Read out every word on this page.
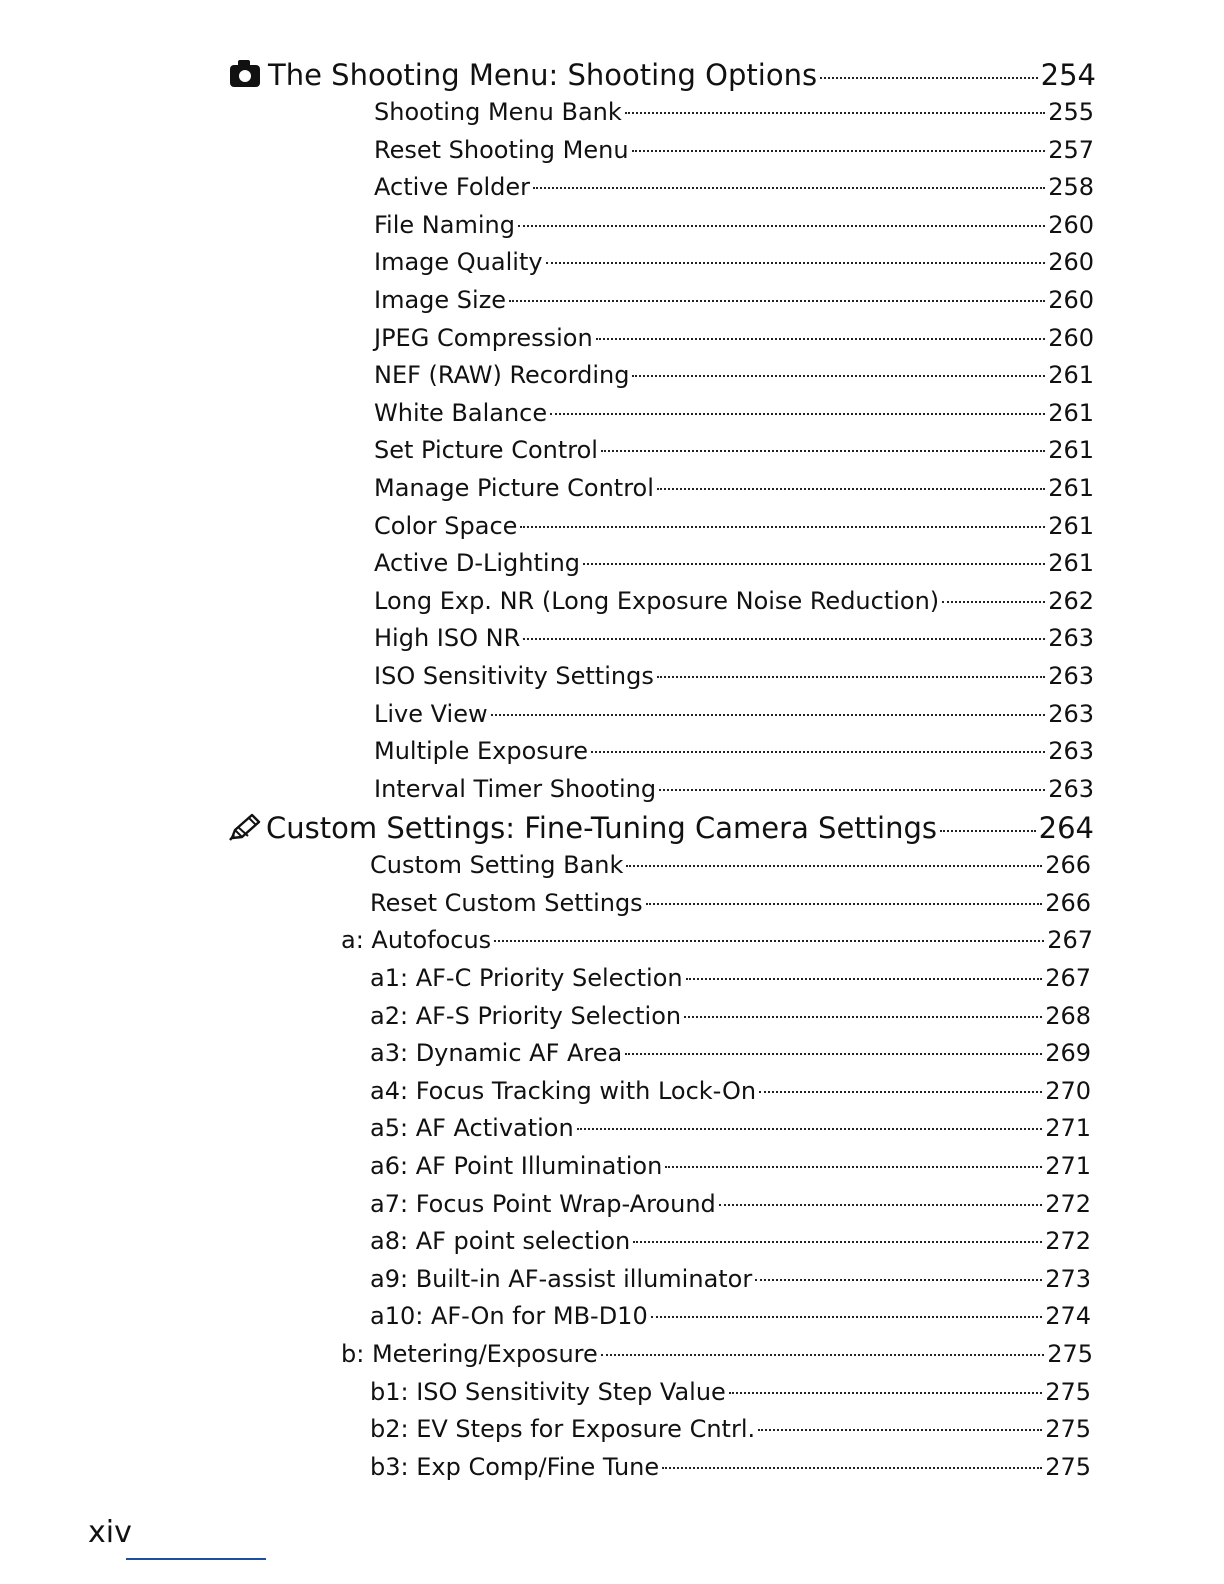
The Shooting Menu: Shooting Options	254
Shooting Menu Bank	255
Reset Shooting Menu	257
Active Folder	258
File Naming	260
Image Quality	260
Image Size	260
JPEG Compression	260
NEF (RAW) Recording	261
White Balance	261
Set Picture Control	261
Manage Picture Control	261
Color Space	261
Active D-Lighting	261
Long Exp. NR (Long Exposure Noise Reduction)	262
High ISO NR	263
ISO Sensitivity Settings	263
Live View	263
Multiple Exposure	263
Interval Timer Shooting	263
Custom Settings: Fine-Tuning Camera Settings	264
Custom Setting Bank	266
Reset Custom Settings	266
a: Autofocus	267
a1: AF-C Priority Selection	267
a2: AF-S Priority Selection	268
a3: Dynamic AF Area	269
a4: Focus Tracking with Lock-On	270
a5: AF Activation	271
a6: AF Point Illumination	271
a7: Focus Point Wrap-Around	272
a8: AF point selection	272
a9: Built-in AF-assist illuminator	273
a10: AF-On for MB-D10	274
b: Metering/Exposure	275
b1: ISO Sensitivity Step Value	275
b2: EV Steps for Exposure Cntrl.	275
b3: Exp Comp/Fine Tune	275
xiv
